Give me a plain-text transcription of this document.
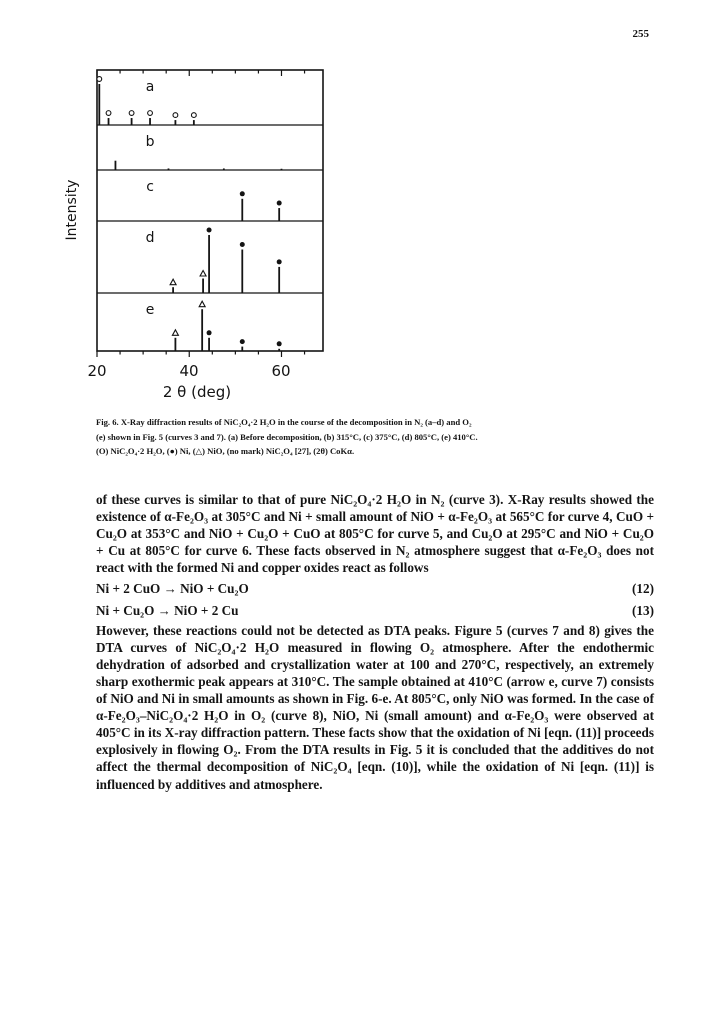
255
a
b
c
d
e
Intensity
20	40	60
2 θ (deg)

Fig. 6. X-Ray diffraction results of NiC₂O₄·2 H₂O in the course of the decomposition in N₂ (a–d) and O₂

(e) shown in Fig. 5 (curves 3 and 7). (a) Before decomposition, (b) 315°C, (c) 375°C, (d) 805°C, (e) 410°C.

(O) NiC₂O₄·2 H₂O, (●) Ni, (△) NiO, (no mark) NiC₂O₄ [27], (2θ) CoKα.

of these curves is similar to that of pure NiC₂O₄·2 H₂O in N₂ (curve 3). X-Ray results showed the existence of α-Fe₂O₃ at 305°C and Ni + small amount of NiO + α-Fe₂O₃ at 565°C for curve 4, CuO + Cu₂O at 353°C and NiO + Cu₂O + CuO at 805°C for curve 5, and Cu₂O at 295°C and NiO + Cu₂O + Cu at 805°C for curve 6. These facts observed in N₂ atmosphere suggest that α-Fe₂O₃ does not react with the formed Ni and copper oxides react as follows

Ni + 2 CuO → NiO + Cu₂O	(12)
Ni + Cu₂O → NiO + 2 Cu	(13)

However, these reactions could not be detected as DTA peaks. Figure 5 (curves 7 and 8) gives the DTA curves of NiC₂O₄·2 H₂O measured in flowing O₂ atmosphere. After the endothermic dehydration of adsorbed and crystallization water at 100 and 270°C, respectively, an extremely sharp exothermic peak appears at 310°C. The sample obtained at 410°C (arrow e, curve 7) consists of NiO and Ni in small amounts as shown in Fig. 6-e. At 805°C, only NiO was formed. In the case of α-Fe₂O₃–NiC₂O₄·2 H₂O in O₂ (curve 8), NiO, Ni (small amount) and α-Fe₂O₃ were observed at 405°C in its X-ray diffraction pattern. These facts show that the oxidation of Ni [eqn. (11)] proceeds explosively in flowing O₂. From the DTA results in Fig. 5 it is concluded that the additives do not affect the thermal decomposition of NiC₂O₄ [eqn. (10)], while the oxidation of Ni [eqn. (11)] is influenced by additives and atmosphere.
